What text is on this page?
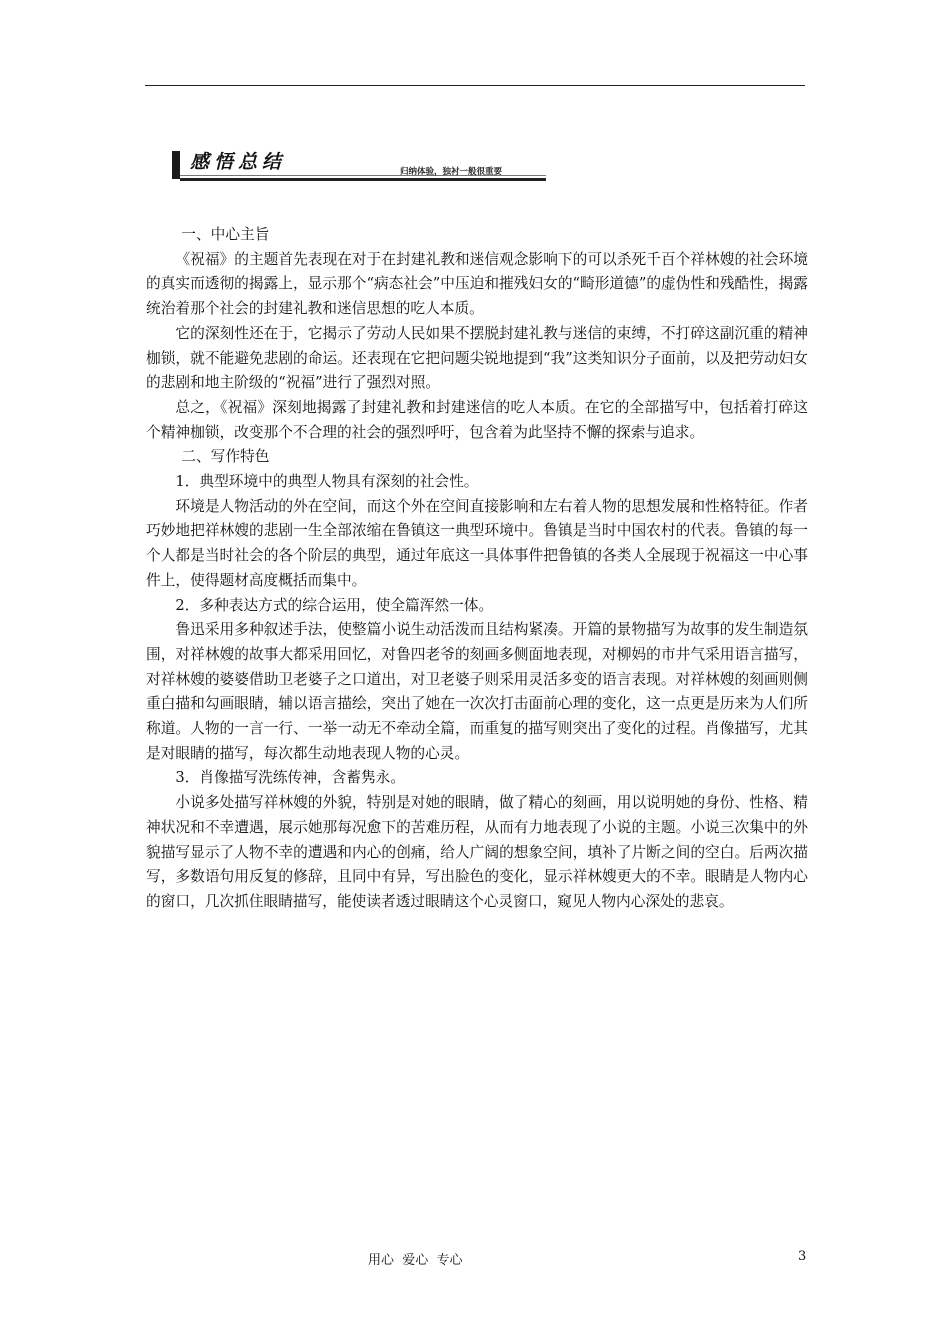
感悟总结	归纳体验，独衬一般很重要

一、中心主旨

《祝福》的主题首先表现在对于在封建礼教和迷信观念影响下的可以杀死千百个祥林嫂的社会环境的真实而透彻的揭露上，显示那个“病态社会”中压迫和摧残妇女的“畸形道德”的虚伪性和残酷性，揭露统治着那个社会的封建礼教和迷信思想的吃人本质。

它的深刻性还在于，它揭示了劳动人民如果不摆脱封建礼教与迷信的束缚，不打碎这副沉重的精神枷锁，就不能避免悲剧的命运。还表现在它把问题尖锐地提到“我”这类知识分子面前，以及把劳动妇女的悲剧和地主阶级的“祝福”进行了强烈对照。

总之，《祝福》深刻地揭露了封建礼教和封建迷信的吃人本质。在它的全部描写中，包括着打碎这个精神枷锁，改变那个不合理的社会的强烈呼吁，包含着为此坚持不懈的探索与追求。

二、写作特色

1．典型环境中的典型人物具有深刻的社会性。

环境是人物活动的外在空间，而这个外在空间直接影响和左右着人物的思想发展和性格特征。作者巧妙地把祥林嫂的悲剧一生全部浓缩在鲁镇这一典型环境中。鲁镇是当时中国农村的代表。鲁镇的每一个人都是当时社会的各个阶层的典型，通过年底这一具体事件把鲁镇的各类人全展现于祝福这一中心事件上，使得题材高度概括而集中。

2．多种表达方式的综合运用，使全篇浑然一体。

鲁迅采用多种叙述手法，使整篇小说生动活泼而且结构紧凑。开篇的景物描写为故事的发生制造氛围，对祥林嫂的故事大都采用回忆，对鲁四老爷的刻画多侧面地表现，对柳妈的市井气采用语言描写，对祥林嫂的婆婆借助卫老婆子之口道出，对卫老婆子则采用灵活多变的语言表现。对祥林嫂的刻画则侧重白描和勾画眼睛，辅以语言描绘，突出了她在一次次打击面前心理的变化，这一点更是历来为人们所称道。人物的一言一行、一举一动无不牵动全篇，而重复的描写则突出了变化的过程。肖像描写，尤其是对眼睛的描写，每次都生动地表现人物的心灵。

3．肖像描写洗练传神，含蓄隽永。

小说多处描写祥林嫂的外貌，特别是对她的眼睛，做了精心的刻画，用以说明她的身份、性格、精神状况和不幸遭遇，展示她那每况愈下的苦难历程，从而有力地表现了小说的主题。小说三次集中的外貌描写显示了人物不幸的遭遇和内心的创痛，给人广阔的想象空间，填补了片断之间的空白。后两次描写，多数语句用反复的修辞，且同中有异，写出脸色的变化，显示祥林嫂更大的不幸。眼睛是人物内心的窗口，几次抓住眼睛描写，能使读者透过眼睛这个心灵窗口，窥见人物内心深处的悲哀。

用心  爱心  专心	3
